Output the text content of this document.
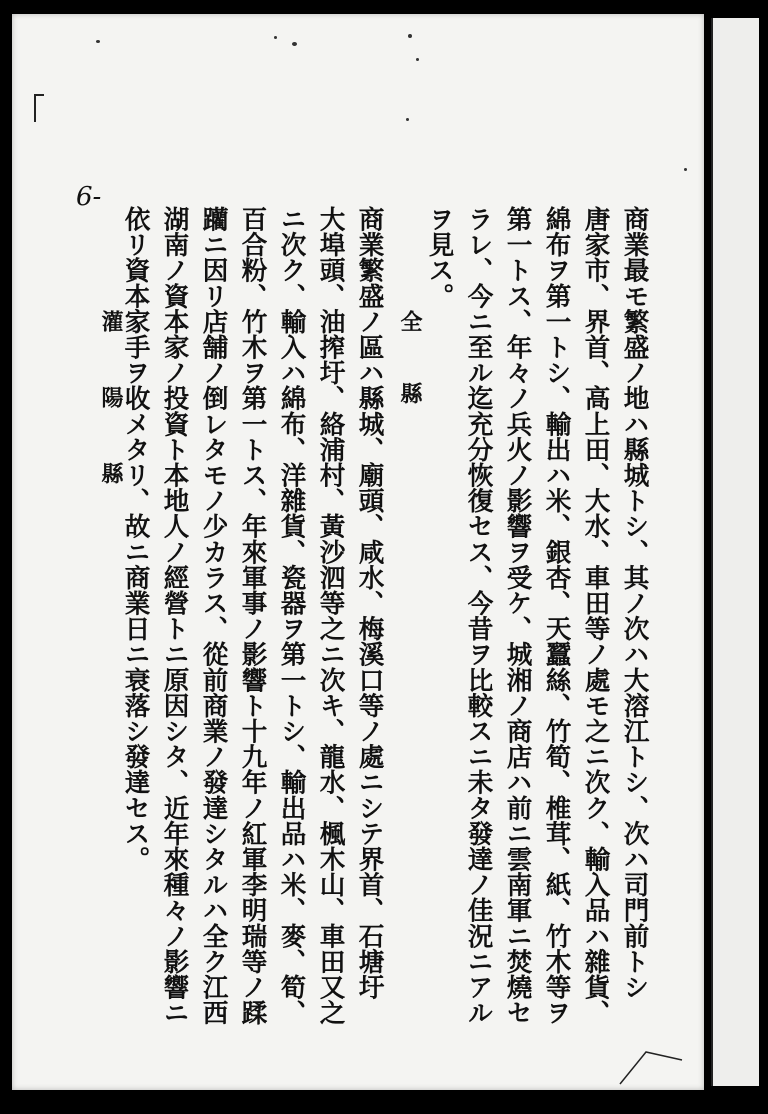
6-
商業最モ繁盛ノ地ハ縣城トシ、其ノ次ハ大溶江トシ、次ハ司門前トシ
唐家市、界首、高上田、大水、車田等ノ處モ之ニ次ク、輸入品ハ雜貨、
綿布ヲ第一トシ、輸出ハ米、銀杏、天蠶絲、竹筍、椎茸、紙、竹木等ヲ
第一トス、年々ノ兵火ノ影響ヲ受ケ、城湘ノ商店ハ前ニ雲南軍ニ焚燒セ
ラレ、今ニ至ル迄充分恢復セス、今昔ヲ比較スニ未タ發達ノ佳況ニアル
ヲ見ス。
全　縣
商業繁盛ノ區ハ縣城、廟頭、咸水、梅溪口等ノ處ニシテ界首、石塘圩
大埠頭、油搾圩、絡浦村、黃沙泗等之ニ次キ、龍水、楓木山、車田又之
ニ次ク、輸入ハ綿布、洋雜貨、瓷器ヲ第一トシ、輸出品ハ米、麥、筍、
百合粉、竹木ヲ第一トス、年來軍事ノ影響ト十九年ノ紅軍李明瑞等ノ蹂
躪ニ因リ店舗ノ倒レタモノ少カラス、從前商業ノ發達シタルハ全ク江西
湖南ノ資本家ノ投資ト本地人ノ經營トニ原因シタ、近年來種々ノ影響ニ
依リ資本家手ヲ收メタリ、故ニ商業日ニ衰落シ發達セス。
灌 陽 縣
